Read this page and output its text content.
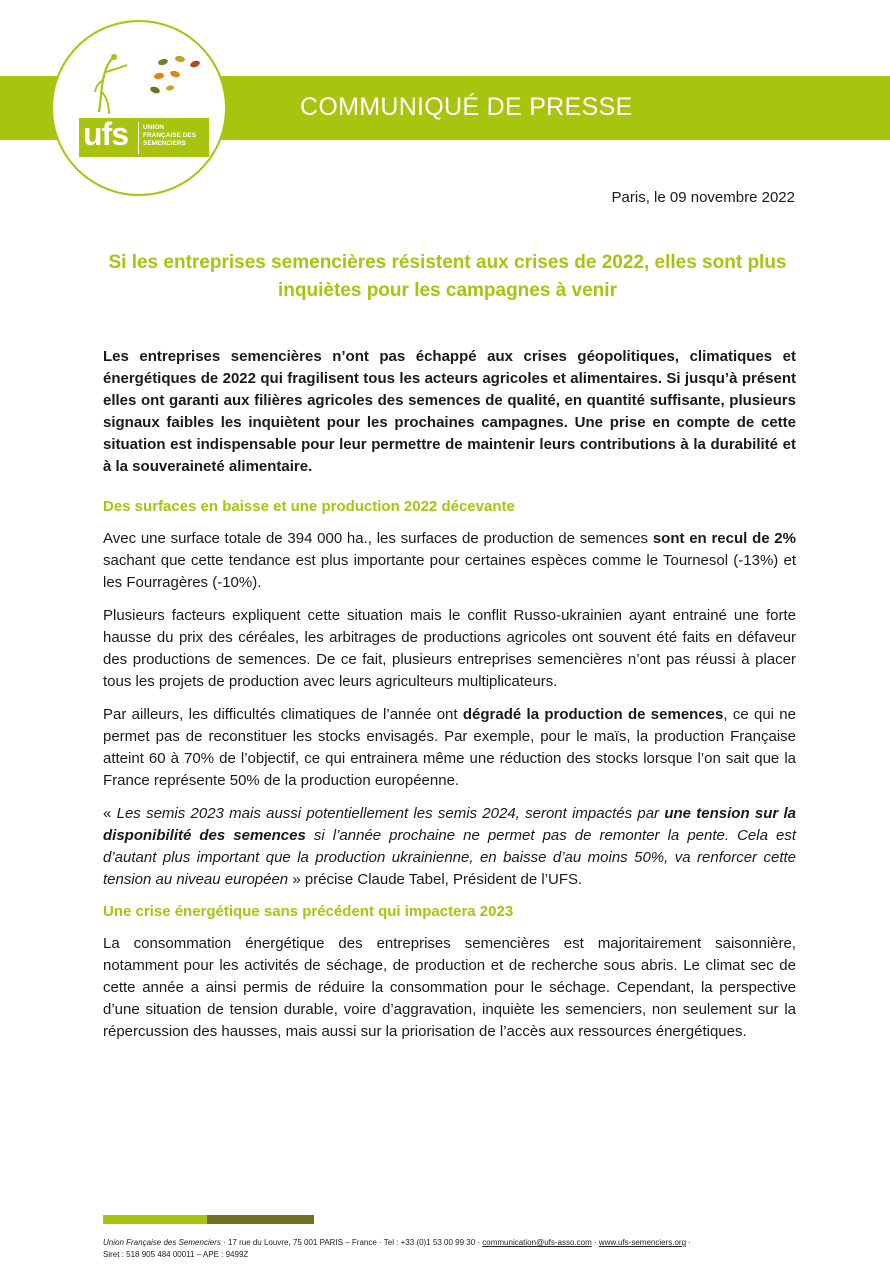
COMMUNIQUÉ DE PRESSE
ufs UNION
FRANÇAISE DES
SEMENCIERS
Paris, le 09 novembre 2022
Si les entreprises semencières résistent aux crises de 2022, elles sont plus inquiètes pour les campagnes à venir

Les entreprises semencières n’ont pas échappé aux crises géopolitiques, climatiques et énergétiques de 2022 qui fragilisent tous les acteurs agricoles et alimentaires. Si jusqu’à présent elles ont garanti aux filières agricoles des semences de qualité, en quantité suffisante, plusieurs signaux faibles les inquiètent pour les prochaines campagnes. Une prise en compte de cette situation est indispensable pour leur permettre de maintenir leurs contributions à la durabilité et à la souveraineté alimentaire.

Des surfaces en baisse et une production 2022 décevante

Avec une surface totale de 394 000 ha., les surfaces de production de semences sont en recul de 2% sachant que cette tendance est plus importante pour certaines espèces comme le Tournesol (-13%) et les Fourragères (-10%).

Plusieurs facteurs expliquent cette situation mais le conflit Russo-ukrainien ayant entrainé une forte hausse du prix des céréales, les arbitrages de productions agricoles ont souvent été faits en défaveur des productions de semences. De ce fait, plusieurs entreprises semencières n’ont pas réussi à placer tous les projets de production avec leurs agriculteurs multiplicateurs.

Par ailleurs, les difficultés climatiques de l’année ont dégradé la production de semences, ce qui ne permet pas de reconstituer les stocks envisagés. Par exemple, pour le maïs, la production Française atteint 60 à 70% de l’objectif, ce qui entrainera même une réduction des stocks lorsque l’on sait que la France représente 50% de la production européenne.

« Les semis 2023 mais aussi potentiellement les semis 2024, seront impactés par une tension sur la disponibilité des semences si l’année prochaine ne permet pas de remonter la pente. Cela est d’autant plus important que la production ukrainienne, en baisse d’au moins 50%, va renforcer cette tension au niveau européen » précise Claude Tabel, Président de l’UFS.

Une crise énergétique sans précédent qui impactera 2023

La consommation énergétique des entreprises semencières est majoritairement saisonnière, notamment pour les activités de séchage, de production et de recherche sous abris. Le climat sec de cette année a ainsi permis de réduire la consommation pour le séchage. Cependant, la perspective d’une situation de tension durable, voire d’aggravation, inquiète les semenciers, non seulement sur la répercussion des hausses, mais aussi sur la priorisation de l’accès aux ressources énergétiques.

Union Française des Semenciers · 17 rue du Louvre, 75 001 PARIS – France · Tel : +33 (0)1 53 00 99 30 · communication@ufs-asso.com · www.ufs-semenciers.org ·
Siret : 518 905 484 00011 – APE : 9499Z
